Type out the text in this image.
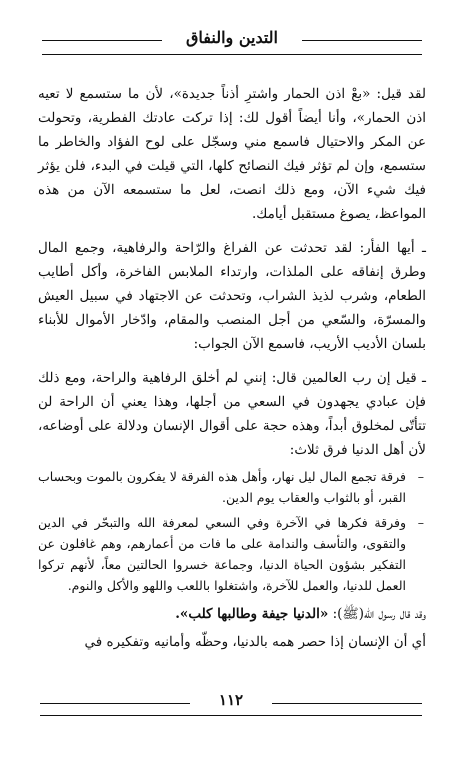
التدين والنفاق

لقد قيل: «بعْ اذن الحمار واشترِ أذناً جديدة»، لأن ما ستسمع لا تعيه اذن الحمار»، وأنا أيضاً أقول لك: إذا تركت عادتك الفطرية، وتحولت عن المكر والاحتيال فاسمع مني وسجّل على لوح الفؤاد والخاطر ما ستسمع، وإن لم تؤثر فيك النصائح كلها، التي قيلت في البدء، فلن يؤثر فيك شيء الآن، ومع ذلك انصت، لعل ما ستسمعه الآن من هذه المواعظ، يصوغ مستقبل أيامك.

ـ أيها الفأر: لقد تحدثت عن الفراغ والرّاحة والرفاهية، وجمع المال وطرق إنفاقه على الملذات، وارتداء الملابس الفاخرة، وأكل أطايب الطعام، وشرب لذيذ الشراب، وتحدثت عن الاجتهاد في سبيل العيش والمسرّة، والسّعي من أجل المنصب والمقام، وادّخار الأموال للأبناء بلسان الأديب الأريب، فاسمع الآن الجواب:

ـ قيل إن رب العالمين قال: إنني لم أخلق الرفاهية والراحة، ومع ذلك فإن عبادي يجهدون في السعي من أجلها، وهذا يعني أن الراحة لن تتأتّى لمخلوق أبداً، وهذه حجة على أقوال الإنسان ودلالة على أوضاعه، لأن أهل الدنيا فرق ثلاث:

– فرقة تجمع المال ليل نهار، وأهل هذه الفرقة لا يفكرون بالموت وبحساب القبر، أو بالثواب والعقاب يوم الدين.
– وفرقة فكرها في الآخرة وفي السعي لمعرفة الله والتبحّر في الدين والتقوى، والتأسف والندامة على ما فات من أعمارهم، وهم غافلون عن التفكير بشؤون الحياة الدنيا، وجماعة خسروا الحالتين معاً، لأنهم تركوا العمل للدنيا، والعمل للآخرة، واشتغلوا باللعب واللهو والأكل والنوم.

وقد قال رسول الله(ﷺ): «الدنيا جيفة وطالبها كلب».

أي أن الإنسان إذا حصر همه بالدنيا، وحظّه وأمانيه وتفكيره في

١١٢
